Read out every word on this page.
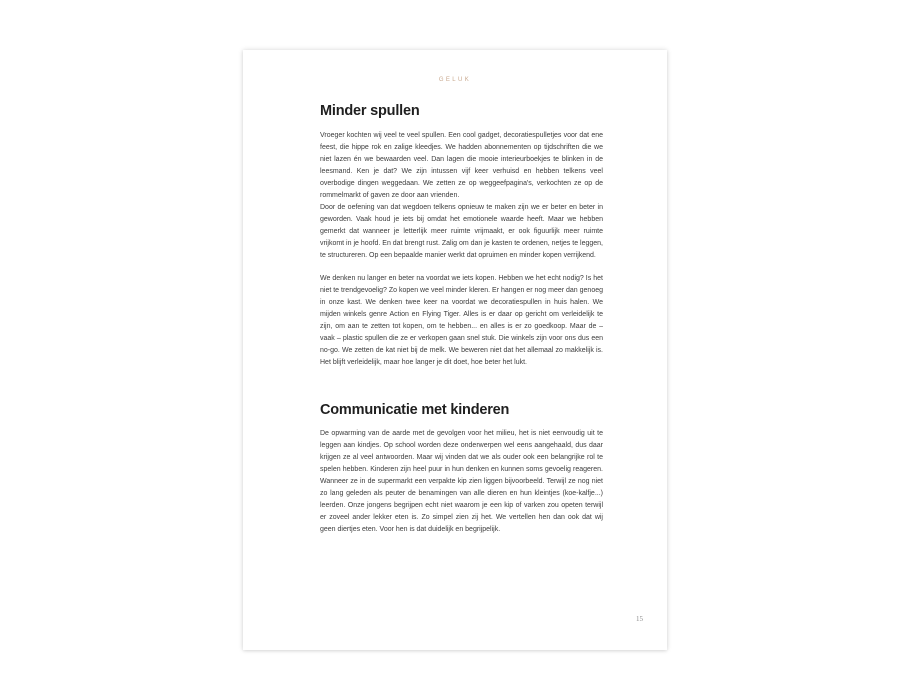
GELUK
Minder spullen

Vroeger kochten wij veel te veel spullen. Een cool gadget, decoratiespulletjes voor dat ene feest, die hippe rok en zalige kleedjes. We hadden abonnementen op tijdschriften die we niet lazen én we bewaarden veel. Dan lagen die mooie interieurboekjes te blinken in de leesmand. Ken je dat? We zijn intussen vijf keer verhuisd en hebben telkens veel overbodige dingen weggedaan. We zetten ze op weggeefpagina's, verkochten ze op de rommelmarkt of gaven ze door aan vrienden.

Door de oefening van dat wegdoen telkens opnieuw te maken zijn we er beter en beter in geworden. Vaak houd je iets bij omdat het emotionele waarde heeft. Maar we hebben gemerkt dat wanneer je letterlijk meer ruimte vrijmaakt, er ook figuurlijk meer ruimte vrijkomt in je hoofd. En dat brengt rust. Zalig om dan je kasten te ordenen, netjes te leggen, te structureren. Op een bepaalde manier werkt dat opruimen en minder kopen verrijkend.

We denken nu langer en beter na voordat we iets kopen. Hebben we het echt nodig? Is het niet te trendgevoelig? Zo kopen we veel minder kleren. Er hangen er nog meer dan genoeg in onze kast. We denken twee keer na voordat we decoratiespullen in huis halen. We mijden winkels genre Action en Flying Tiger. Alles is er daar op gericht om verleidelijk te zijn, om aan te zetten tot kopen, om te hebben... en alles is er zo goedkoop. Maar de – vaak – plastic spullen die ze er verkopen gaan snel stuk. Die winkels zijn voor ons dus een no-go. We zetten de kat niet bij de melk. We beweren niet dat het allemaal zo makkelijk is. Het blijft verleidelijk, maar hoe langer je dit doet, hoe beter het lukt.

Communicatie met kinderen

De opwarming van de aarde met de gevolgen voor het milieu, het is niet eenvoudig uit te leggen aan kindjes. Op school worden deze onderwerpen wel eens aangehaald, dus daar krijgen ze al veel antwoorden. Maar wij vinden dat we als ouder ook een belangrijke rol te spelen hebben. Kinderen zijn heel puur in hun denken en kunnen soms gevoelig reageren. Wanneer ze in de supermarkt een verpakte kip zien liggen bijvoorbeeld. Terwijl ze nog niet zo lang geleden als peuter de benamingen van alle dieren en hun kleintjes (koe-kalfje...) leerden. Onze jongens begrijpen echt niet waarom je een kip of varken zou opeten terwijl er zoveel ander lekker eten is. Zo simpel zien zij het. We vertellen hen dan ook dat wij geen diertjes eten. Voor hen is dat duidelijk en begrijpelijk.

15
